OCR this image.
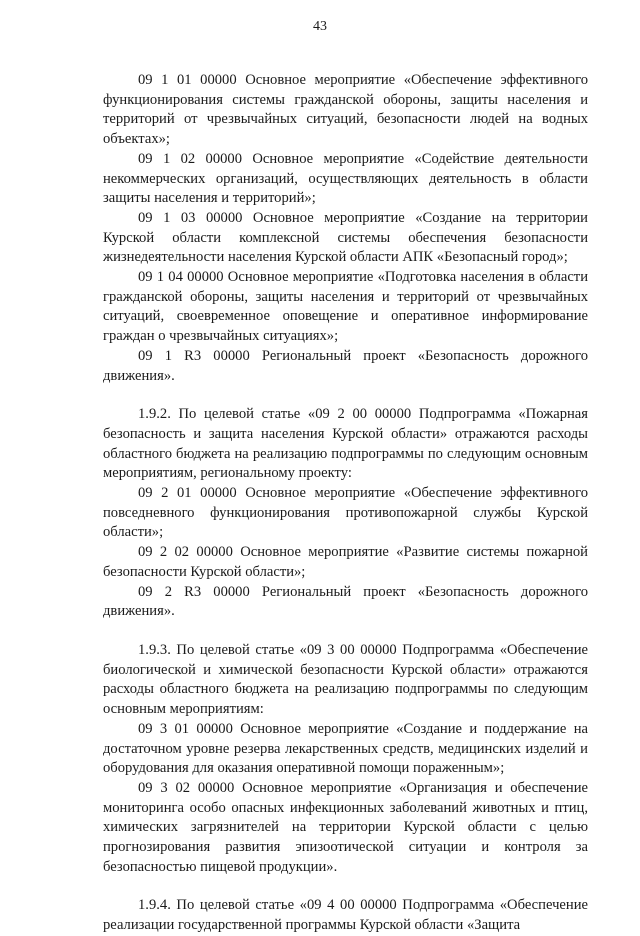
43

09 1 01 00000 Основное мероприятие «Обеспечение эффективного функционирования системы гражданской обороны, защиты населения и территорий от чрезвычайных ситуаций, безопасности людей на водных объектах»;

09 1 02 00000 Основное мероприятие «Содействие деятельности некоммерческих организаций, осуществляющих деятельность в области защиты населения и территорий»;

09 1 03 00000 Основное мероприятие «Создание на территории Курской области комплексной системы обеспечения безопасности жизнедеятельности населения Курской области АПК «Безопасный город»;

09 1 04 00000 Основное мероприятие «Подготовка населения в области гражданской обороны, защиты населения и территорий от чрезвычайных ситуаций, своевременное оповещение и оперативное информирование граждан о чрезвычайных ситуациях»;

09 1 R3 00000 Региональный проект «Безопасность дорожного движения».

1.9.2. По целевой статье «09 2 00 00000 Подпрограмма «Пожарная безопасность и защита населения Курской области» отражаются расходы областного бюджета на реализацию подпрограммы по следующим основным мероприятиям, региональному проекту:

09 2 01 00000 Основное мероприятие «Обеспечение эффективного повседневного функционирования противопожарной службы Курской области»;

09 2 02 00000 Основное мероприятие «Развитие системы пожарной безопасности Курской области»;

09 2 R3 00000 Региональный проект «Безопасность дорожного движения».

1.9.3. По целевой статье «09 3 00 00000 Подпрограмма «Обеспечение биологической и химической безопасности Курской области» отражаются расходы областного бюджета на реализацию подпрограммы по следующим основным мероприятиям:

09 3 01 00000 Основное мероприятие «Создание и поддержание на достаточном уровне резерва лекарственных средств, медицинских изделий и оборудования для оказания оперативной помощи пораженным»;

09 3 02 00000 Основное мероприятие «Организация и обеспечение мониторинга особо опасных инфекционных заболеваний животных и птиц, химических загрязнителей на территории Курской области с целью прогнозирования развития эпизоотической ситуации и контроля за безопасностью пищевой продукции».

1.9.4. По целевой статье «09 4 00 00000 Подпрограмма «Обеспечение реализации государственной программы Курской области «Защита
